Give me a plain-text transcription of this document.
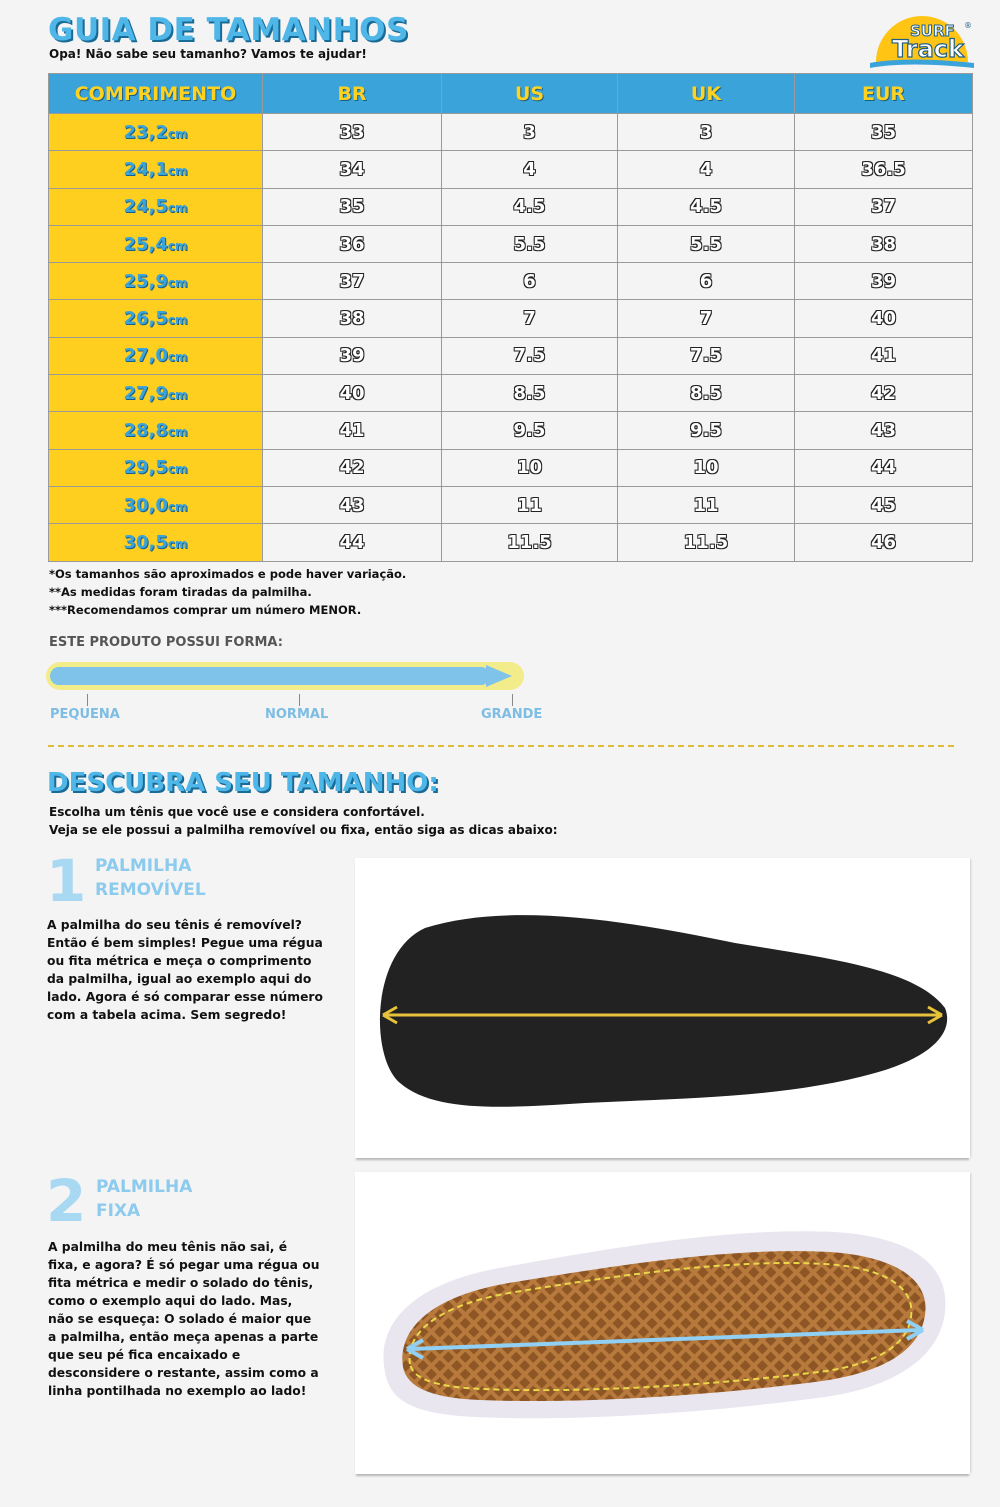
GUIA DE TAMANHOS
Opa! Não sabe seu tamanho? Vamos te ajudar!
SURF
Track
®
COMPRIMENTO	BR	US	UK	EUR
23,2cm	33	3	3	35
24,1cm	34	4	4	36.5
24,5cm	35	4.5	4.5	37
25,4cm	36	5.5	5.5	38
25,9cm	37	6	6	39
26,5cm	38	7	7	40
27,0cm	39	7.5	7.5	41
27,9cm	40	8.5	8.5	42
28,8cm	41	9.5	9.5	43
29,5cm	42	10	10	44
30,0cm	43	11	11	45
30,5cm	44	11.5	11.5	46
*Os tamanhos são aproximados e pode haver variação.
**As medidas foram tiradas da palmilha.
***Recomendamos comprar um número MENOR.
ESTE PRODUTO POSSUI FORMA:
PEQUENA	NORMAL	GRANDE
DESCUBRA SEU TAMANHO:
Escolha um tênis que você use e considera confortável.
Veja se ele possui a palmilha removível ou fixa, então siga as dicas abaixo:
1 PALMILHA
REMOVÍVEL
A palmilha do seu tênis é removível? Então é bem simples! Pegue uma régua ou fita métrica e meça o comprimento da palmilha, igual ao exemplo aqui do lado. Agora é só comparar esse número com a tabela acima. Sem segredo!
2 PALMILHA
FIXA
A palmilha do meu tênis não sai, é fixa, e agora? É só pegar uma régua ou fita métrica e medir o solado do tênis, como o exemplo aqui do lado. Mas, não se esqueça: O solado é maior que a palmilha, então meça apenas a parte que seu pé fica encaixado e desconsidere o restante, assim como a linha pontilhada no exemplo ao lado!
